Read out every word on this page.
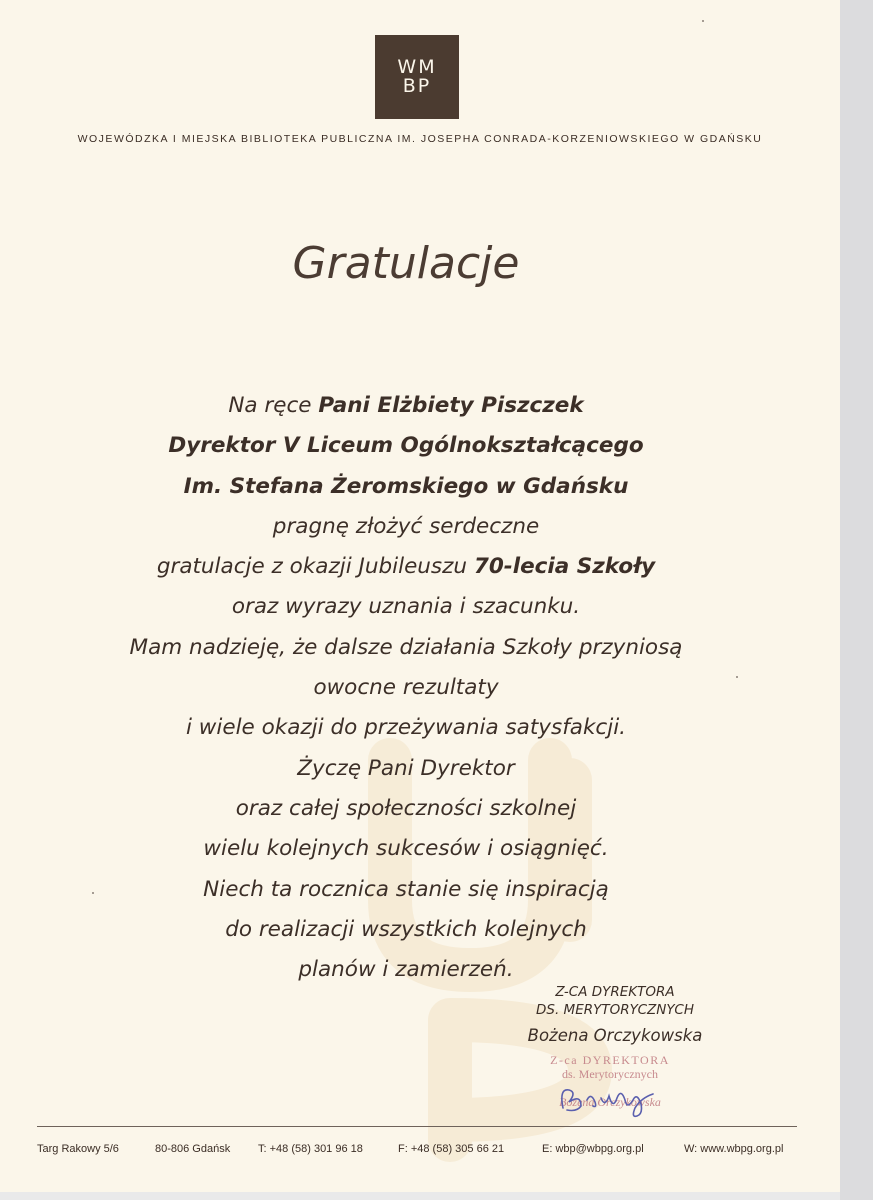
WM
BP
WOJEWÓDZKA I MIEJSKA BIBLIOTEKA PUBLICZNA IM. JOSEPHA CONRADA-KORZENIOWSKIEGO W GDAŃSKU
Gratulacje
Na ręce Pani Elżbiety Piszczek
Dyrektor V Liceum Ogólnokształcącego
Im. Stefana Żeromskiego w Gdańsku
pragnę złożyć serdeczne
gratulacje z okazji Jubileuszu 70-lecia Szkoły
oraz wyrazy uznania i szacunku.
Mam nadzieję, że dalsze działania Szkoły przyniosą
owocne rezultaty
i wiele okazji do przeżywania satysfakcji.
Życzę Pani Dyrektor
oraz całej społeczności szkolnej
wielu kolejnych sukcesów i osiągnięć.
Niech ta rocznica stanie się inspiracją
do realizacji wszystkich kolejnych
planów i zamierzeń.
Z-CA DYREKTORA
DS. MERYTORYCZNYCH
Bożena Orczykowska
Z-ca DYREKTORA
ds. Merytorycznych
Bożena Orczykowska
Targ Rakowy 5/6	80-806 Gdańsk	T: +48 (58) 301 96 18	F: +48 (58) 305 66 21	E: wbp@wbpg.org.pl	W: www.wbpg.org.pl
